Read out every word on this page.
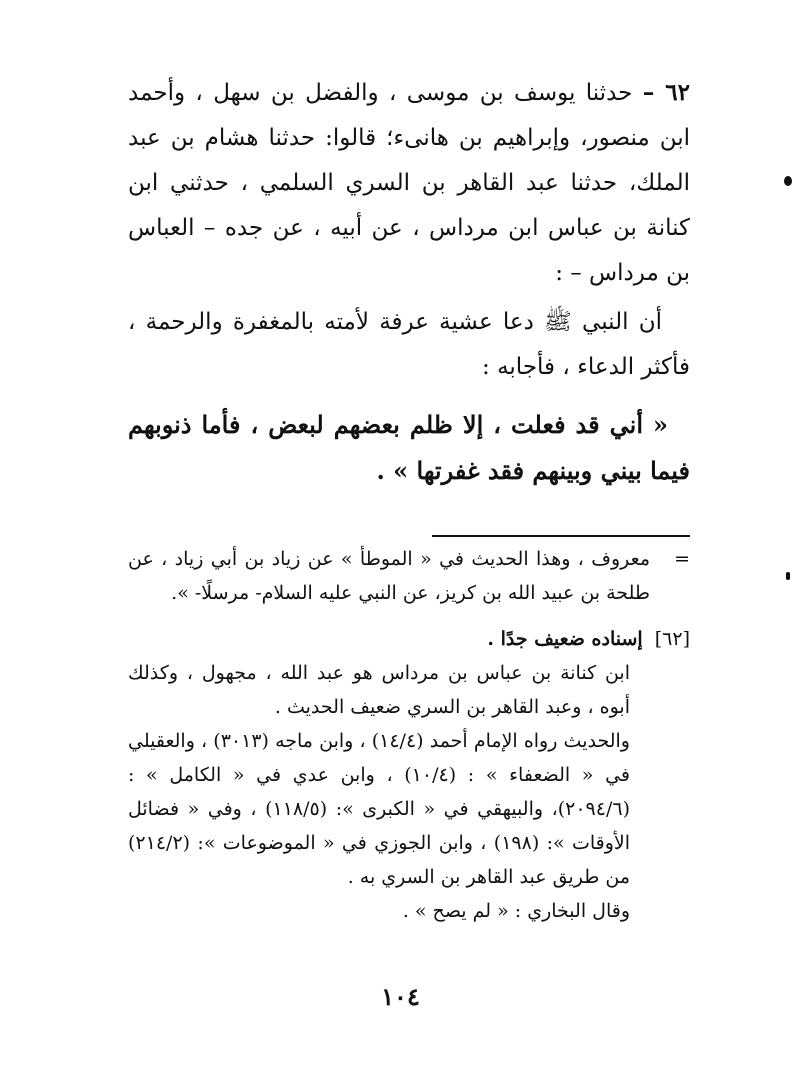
٦٢ – حدثنا يوسف بن موسى ، والفضل بن سهل ، وأحمد ابن منصور، وإبراهيم بن هانىء؛ قالوا: حدثنا هشام بن عبد الملك، حدثنا عبد القاهر بن السري السلمي ، حدثني ابن كنانة بن عباس ابن مرداس ، عن أبيه ، عن جده – العباس بن مرداس – :

أن النبي ﷺ دعا عشية عرفة لأمته بالمغفرة والرحمة ، فأكثر الدعاء ، فأجابه :

« أني قد فعلت ، إلا ظلم بعضهم لبعض ، فأما ذنوبهم فيما بيني وبينهم فقد غفرتها » .

=

معروف ، وهذا الحديث في « الموطأ » عن زياد بن أبي زياد ، عن طلحة بن عبيد الله بن كريز، عن النبي عليه السلام- مرسلًا- ».

[٦٢] إسناده ضعيف جدًا .

ابن كنانة بن عباس بن مرداس هو عبد الله ، مجهول ، وكذلك أبوه ، وعبد القاهر بن السري ضعيف الحديث .

والحديث رواه الإمام أحمد (١٤/٤) ، وابن ماجه (٣٠١٣) ، والعقيلي في « الضعفاء » : (١٠/٤) ، وابن عدي في « الكامل » : (٢٠٩٤/٦)، والبيهقي في « الكبرى »: (١١٨/٥) ، وفي « فضائل الأوقات »: (١٩٨) ، وابن الجوزي في « الموضوعات »: (٢١٤/٢) من طريق عبد القاهر بن السري به .

وقال البخاري : « لم يصح » .

١٠٤
